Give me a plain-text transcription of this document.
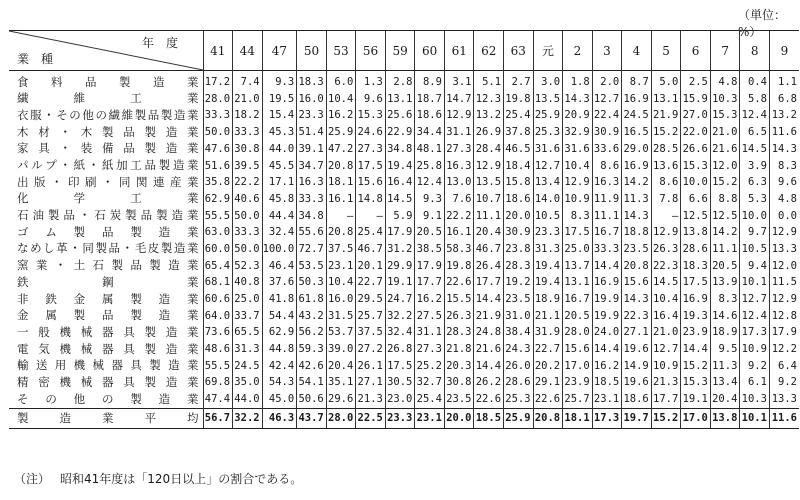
（単位：%）
年　度
業　種	41	44	47	50	53	56	59	60	61	62	63	元	2	3	4	5	6	7	8	9
食料品製造業	17.2	7.4	9.3	18.3	6.0	1.3	2.8	8.9	3.1	5.1	2.7	3.0	1.8	2.0	8.7	5.0	2.5	4.8	0.4	1.1
繊維工業	28.0	21.0	19.5	16.0	10.4	9.6	13.1	18.7	14.7	12.3	19.8	13.5	14.3	12.7	16.9	13.1	15.9	10.3	5.8	6.8
衣服・その他の繊維製品製造業	33.3	18.2	15.4	23.3	16.2	15.3	25.6	18.6	12.9	13.2	25.4	25.9	20.9	22.4	24.5	21.9	27.0	15.3	12.4	13.2
木材・木製品製造業	50.0	33.3	45.3	51.4	25.9	24.6	22.9	34.4	31.1	26.9	37.8	25.3	32.9	30.9	16.5	15.2	22.0	21.0	6.5	11.6
家具・装備品製造業	47.6	30.8	44.0	39.1	47.2	27.3	34.8	48.1	27.3	28.4	46.5	31.6	31.6	33.6	29.0	28.5	26.6	21.6	14.5	14.3
パルプ・紙・紙加工品製造業	51.6	39.5	45.5	34.7	20.8	17.5	19.4	25.8	16.3	12.9	18.4	12.7	10.4	8.6	16.9	13.6	15.3	12.0	3.9	8.3
出版・印刷・同関連産業	35.8	22.2	17.1	16.3	18.1	15.6	16.4	12.4	13.0	13.5	15.8	13.4	12.9	16.3	14.2	8.6	10.0	15.2	6.3	9.6
化学工業	62.9	40.6	45.8	33.3	16.1	14.8	14.5	9.3	7.6	10.7	18.6	14.0	10.9	11.9	11.3	7.8	6.6	8.8	5.3	4.8
石油製品・石炭製品製造業	55.5	50.0	44.4	34.8	—	—	5.9	9.1	22.2	11.1	20.0	10.5	8.3	11.1	14.3	—	12.5	12.5	10.0	0.0
ゴム製品製造業	63.0	33.3	32.4	55.6	20.8	25.4	17.9	20.5	16.1	20.4	30.9	23.3	17.5	16.7	18.8	12.9	13.8	14.2	9.7	12.9
なめし革・同製品・毛皮製造業	60.0	50.0	100.0	72.7	37.5	46.7	31.2	38.5	58.3	46.7	23.8	31.3	25.0	33.3	23.5	26.3	28.6	11.1	10.5	13.3
窯業・土石製品製造業	65.4	52.3	46.4	53.5	23.1	20.1	29.9	17.9	19.8	26.4	28.3	19.4	13.7	14.4	20.8	22.3	18.3	20.5	9.4	12.0
鉄鋼業	68.1	40.8	37.6	50.3	10.4	22.7	19.1	17.7	22.6	17.7	19.2	19.4	13.1	16.9	15.6	14.5	17.5	13.9	10.1	11.5
非鉄金属製造業	60.6	25.0	41.8	61.8	16.0	29.5	24.7	16.2	15.5	14.4	23.5	18.9	16.7	19.9	14.3	10.4	16.9	8.3	12.7	12.9
金属製品製造業	64.0	33.7	54.4	43.2	31.5	25.7	32.2	27.5	26.3	21.9	31.0	21.1	20.5	19.9	22.3	16.4	19.3	14.6	12.4	12.8
一般機械器具製造業	73.6	65.5	62.9	56.2	53.7	37.5	32.4	31.1	28.3	24.8	38.4	31.9	28.0	24.0	27.1	21.0	23.9	18.9	17.3	17.9
電気機械器具製造業	48.6	31.3	44.8	59.3	39.0	27.2	26.8	27.3	21.8	21.6	24.3	22.7	15.6	14.4	19.6	12.7	14.4	9.5	10.9	12.2
輸送用機械器具製造業	55.5	24.5	42.4	42.6	20.4	26.1	17.5	25.2	20.3	14.4	26.0	20.2	17.0	16.2	14.9	10.9	15.2	11.3	9.2	6.4
精密機械器具製造業	69.8	35.0	54.3	54.1	35.1	27.1	30.5	32.7	30.8	26.2	28.6	29.1	23.9	18.5	19.6	21.3	15.3	13.4	6.1	9.2
その他の製造業	47.4	44.0	45.0	50.6	29.6	21.3	23.0	25.4	23.5	22.6	25.3	22.6	25.7	23.1	18.6	17.7	19.1	20.4	10.3	13.3
製造業平均	56.7	32.2	46.3	43.7	28.0	22.5	23.3	23.1	20.0	18.5	25.9	20.8	18.1	17.3	19.7	15.2	17.0	13.8	10.1	11.6
（注） 昭和41年度は「120日以上」の割合である。
